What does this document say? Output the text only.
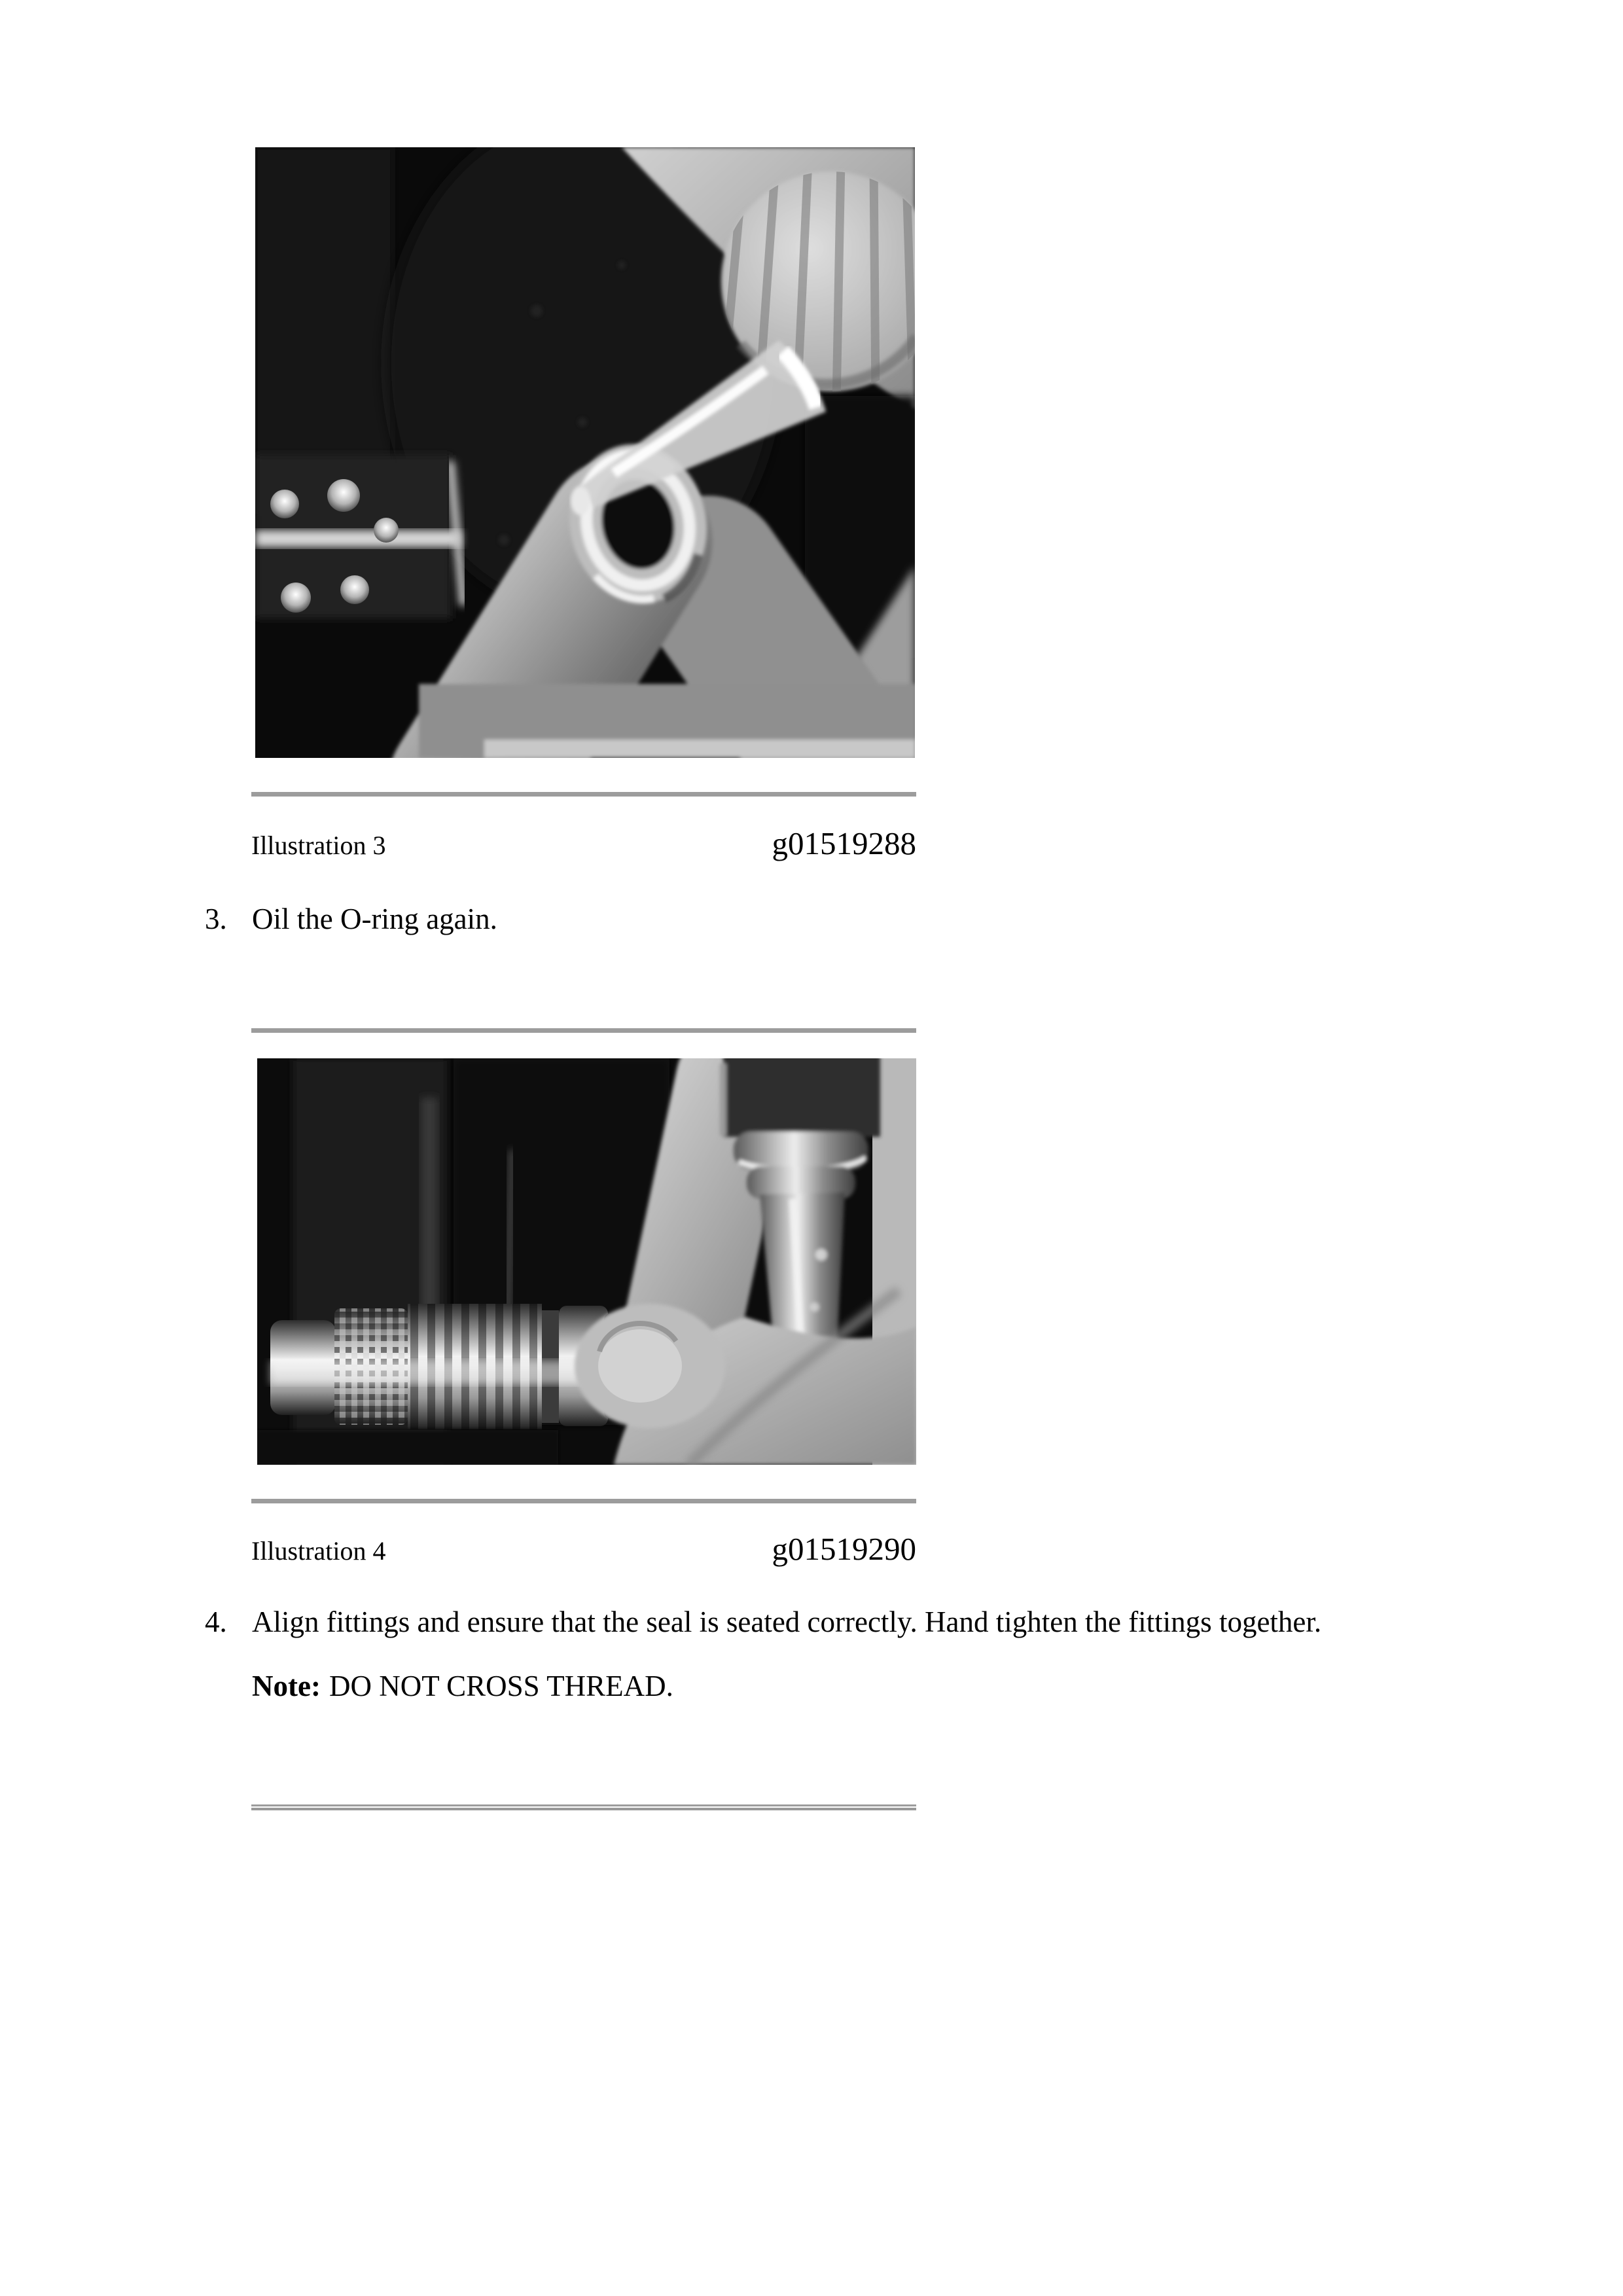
Illustration 3	g01519288
3. Oil the O-ring again.
Illustration 4	g01519290
4. Align fittings and ensure that the seal is seated correctly. Hand tighten the fittings together.

Note: DO NOT CROSS THREAD.
